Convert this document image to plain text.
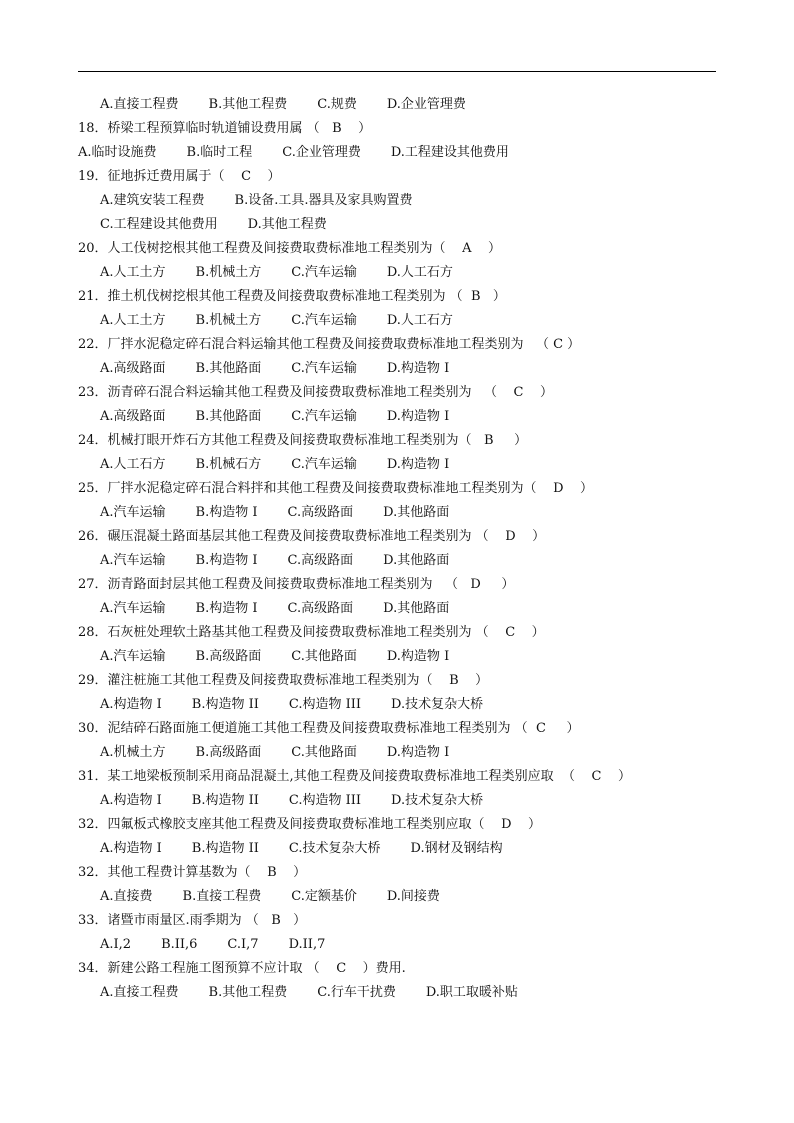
A.直接工程费 B.其他工程费 C.规费 D.企业管理费
18．桥梁工程预算临时轨道铺设费用属 （   B    ）
A.临时设施费 B.临时工程 C.企业管理费 D.工程建设其他费用
19．征地拆迁费用属于（    C    ）
A.建筑安装工程费 B.设备.工具.器具及家具购置费
C.工程建设其他费用 D.其他工程费
20．人工伐树挖根其他工程费及间接费取费标准地工程类别为（    A    ）
A.人工土方 B.机械土方 C.汽车运输 D.人工石方
21．推土机伐树挖根其他工程费及间接费取费标准地工程类别为 （  B   ）
A.人工土方 B.机械土方 C.汽车运输 D.人工石方
22．厂拌水泥稳定碎石混合料运输其他工程费及间接费取费标准地工程类别为   （ C ）
A.高级路面 B.其他路面 C.汽车运输 D.构造物 I
23．沥青碎石混合料运输其他工程费及间接费取费标准地工程类别为   （    C    ）
A.高级路面 B.其他路面 C.汽车运输 D.构造物 I
24．机械打眼开炸石方其他工程费及间接费取费标准地工程类别为（   B     ）
A.人工石方 B.机械石方 C.汽车运输 D.构造物 I
25．厂拌水泥稳定碎石混合料拌和其他工程费及间接费取费标准地工程类别为（    D    ）
A.汽车运输 B.构造物 I C.高级路面 D.其他路面
26．碾压混凝土路面基层其他工程费及间接费取费标准地工程类别为 （    D    ）
A.汽车运输 B.构造物 I C.高级路面 D.其他路面
27．沥青路面封层其他工程费及间接费取费标准地工程类别为   （   D     ）
A.汽车运输 B.构造物 I C.高级路面 D.其他路面
28．石灰桩处理软土路基其他工程费及间接费取费标准地工程类别为 （    C    ）
A.汽车运输 B.高级路面 C.其他路面 D.构造物 I
29．灌注桩施工其他工程费及间接费取费标准地工程类别为（    B    ）
A.构造物 I B.构造物 II C.构造物 III D.技术复杂大桥
30．泥结碎石路面施工便道施工其他工程费及间接费取费标准地工程类别为 （  C     ）
A.机械土方 B.高级路面 C.其他路面 D.构造物 I
31．某工地梁板预制采用商品混凝土,其他工程费及间接费取费标准地工程类别应取  （    C    ）
A.构造物 I B.构造物 II C.构造物 III D.技术复杂大桥
32．四氟板式橡胶支座其他工程费及间接费取费标准地工程类别应取（    D    ）
A.构造物 I B.构造物 II C.技术复杂大桥 D.钢材及钢结构
32．其他工程费计算基数为（    B    ）
A.直接费 B.直接工程费 C.定额基价 D.间接费
33．诸暨市雨量区.雨季期为 （   B   ）
A.I,2 B.II,6 C.I,7 D.II,7
34．新建公路工程施工图预算不应计取 （    C    ）费用.
A.直接工程费 B.其他工程费 C.行车干扰费 D.职工取暖补贴
